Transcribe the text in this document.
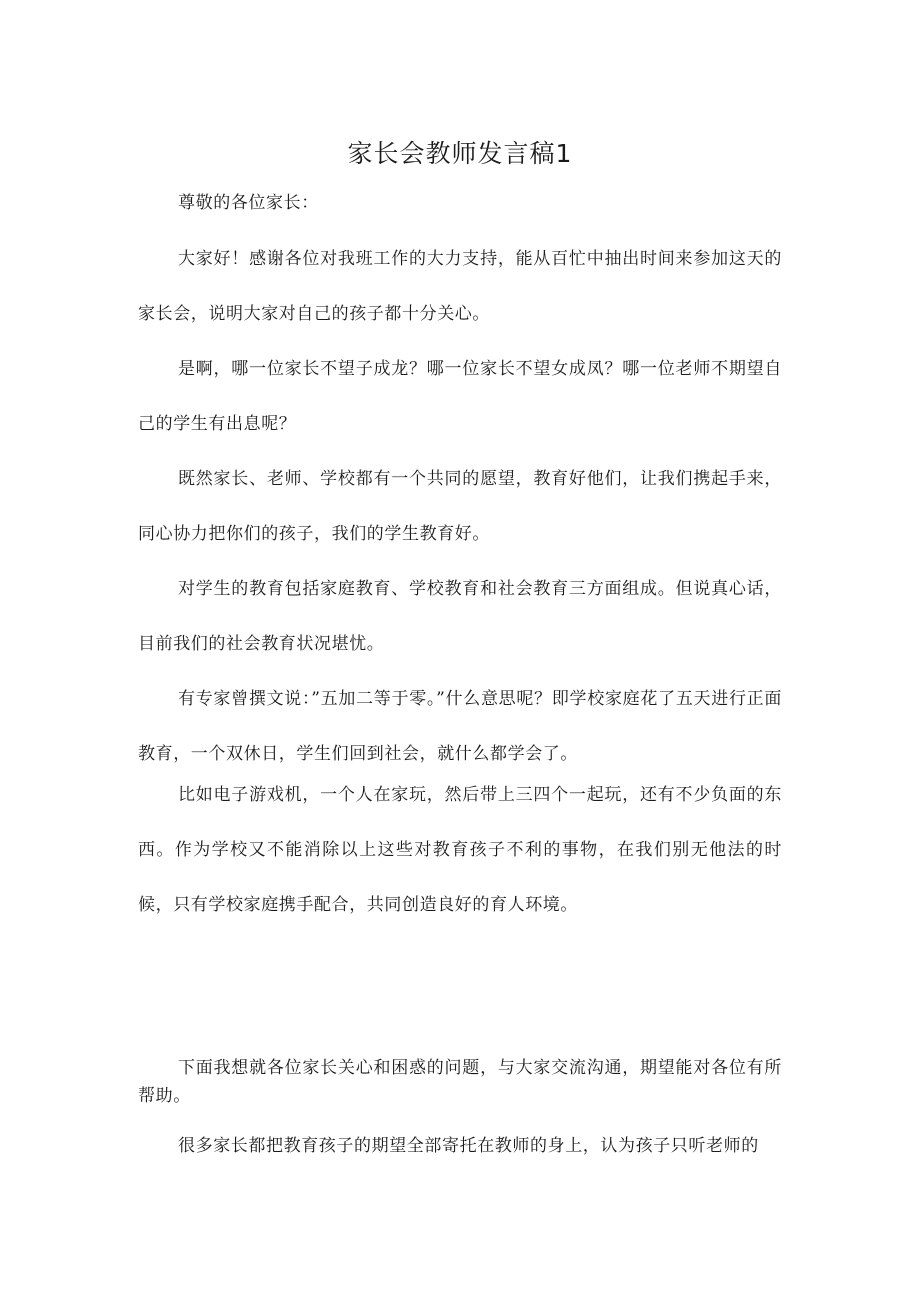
家长会教师发言稿1

尊敬的各位家长：

大家好！感谢各位对我班工作的大力支持，能从百忙中抽出时间来参加这天的家长会，说明大家对自己的孩子都十分关心。

是啊，哪一位家长不望子成龙？哪一位家长不望女成凤？哪一位老师不期望自己的学生有出息呢？

既然家长、老师、学校都有一个共同的愿望，教育好他们，让我们携起手来，同心协力把你们的孩子，我们的学生教育好。

对学生的教育包括家庭教育、学校教育和社会教育三方面组成。但说真心话，目前我们的社会教育状况堪忧。

有专家曾撰文说：”五加二等于零。”什么意思呢？即学校家庭花了五天进行正面教育，一个双休日，学生们回到社会，就什么都学会了。

比如电子游戏机，一个人在家玩，然后带上三四个一起玩，还有不少负面的东西。作为学校又不能消除以上这些对教育孩子不利的事物，在我们别无他法的时候，只有学校家庭携手配合，共同创造良好的育人环境。

下面我想就各位家长关心和困惑的问题，与大家交流沟通，期望能对各位有所帮助。

很多家长都把教育孩子的期望全部寄托在教师的身上，认为孩子只听老师的
